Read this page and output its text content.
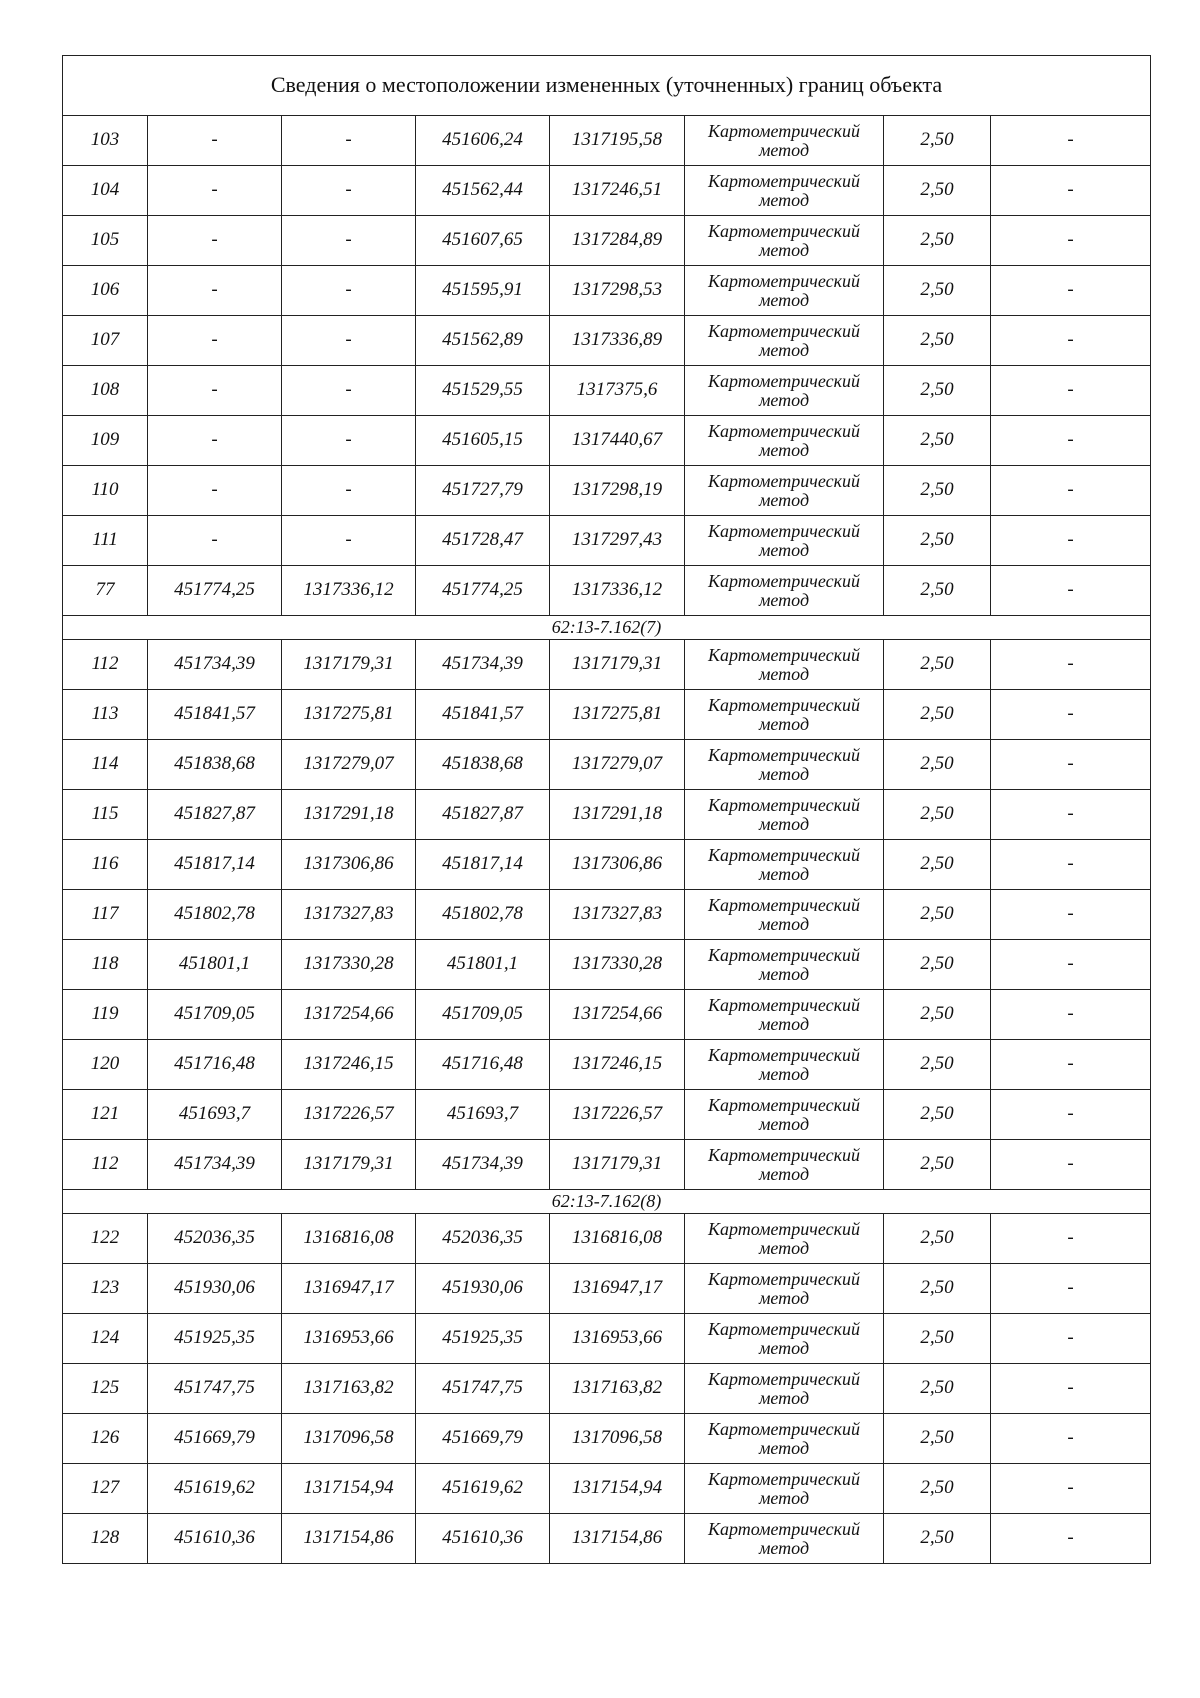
Сведения о местоположении измененных (уточненных) границ объекта							
103	-	-	451606,24	1317195,58	Картометрический
метод	2,50	-
104	-	-	451562,44	1317246,51	Картометрический
метод	2,50	-
105	-	-	451607,65	1317284,89	Картометрический
метод	2,50	-
106	-	-	451595,91	1317298,53	Картометрический
метод	2,50	-
107	-	-	451562,89	1317336,89	Картометрический
метод	2,50	-
108	-	-	451529,55	1317375,6	Картометрический
метод	2,50	-
109	-	-	451605,15	1317440,67	Картометрический
метод	2,50	-
110	-	-	451727,79	1317298,19	Картометрический
метод	2,50	-
111	-	-	451728,47	1317297,43	Картометрический
метод	2,50	-
77	451774,25	1317336,12	451774,25	1317336,12	Картометрический
метод	2,50	-
62:13-7.162(7)							
112	451734,39	1317179,31	451734,39	1317179,31	Картометрический
метод	2,50	-
113	451841,57	1317275,81	451841,57	1317275,81	Картометрический
метод	2,50	-
114	451838,68	1317279,07	451838,68	1317279,07	Картометрический
метод	2,50	-
115	451827,87	1317291,18	451827,87	1317291,18	Картометрический
метод	2,50	-
116	451817,14	1317306,86	451817,14	1317306,86	Картометрический
метод	2,50	-
117	451802,78	1317327,83	451802,78	1317327,83	Картометрический
метод	2,50	-
118	451801,1	1317330,28	451801,1	1317330,28	Картометрический
метод	2,50	-
119	451709,05	1317254,66	451709,05	1317254,66	Картометрический
метод	2,50	-
120	451716,48	1317246,15	451716,48	1317246,15	Картометрический
метод	2,50	-
121	451693,7	1317226,57	451693,7	1317226,57	Картометрический
метод	2,50	-
112	451734,39	1317179,31	451734,39	1317179,31	Картометрический
метод	2,50	-
62:13-7.162(8)							
122	452036,35	1316816,08	452036,35	1316816,08	Картометрический
метод	2,50	-
123	451930,06	1316947,17	451930,06	1316947,17	Картометрический
метод	2,50	-
124	451925,35	1316953,66	451925,35	1316953,66	Картометрический
метод	2,50	-
125	451747,75	1317163,82	451747,75	1317163,82	Картометрический
метод	2,50	-
126	451669,79	1317096,58	451669,79	1317096,58	Картометрический
метод	2,50	-
127	451619,62	1317154,94	451619,62	1317154,94	Картометрический
метод	2,50	-
128	451610,36	1317154,86	451610,36	1317154,86	Картометрический
метод	2,50	-
